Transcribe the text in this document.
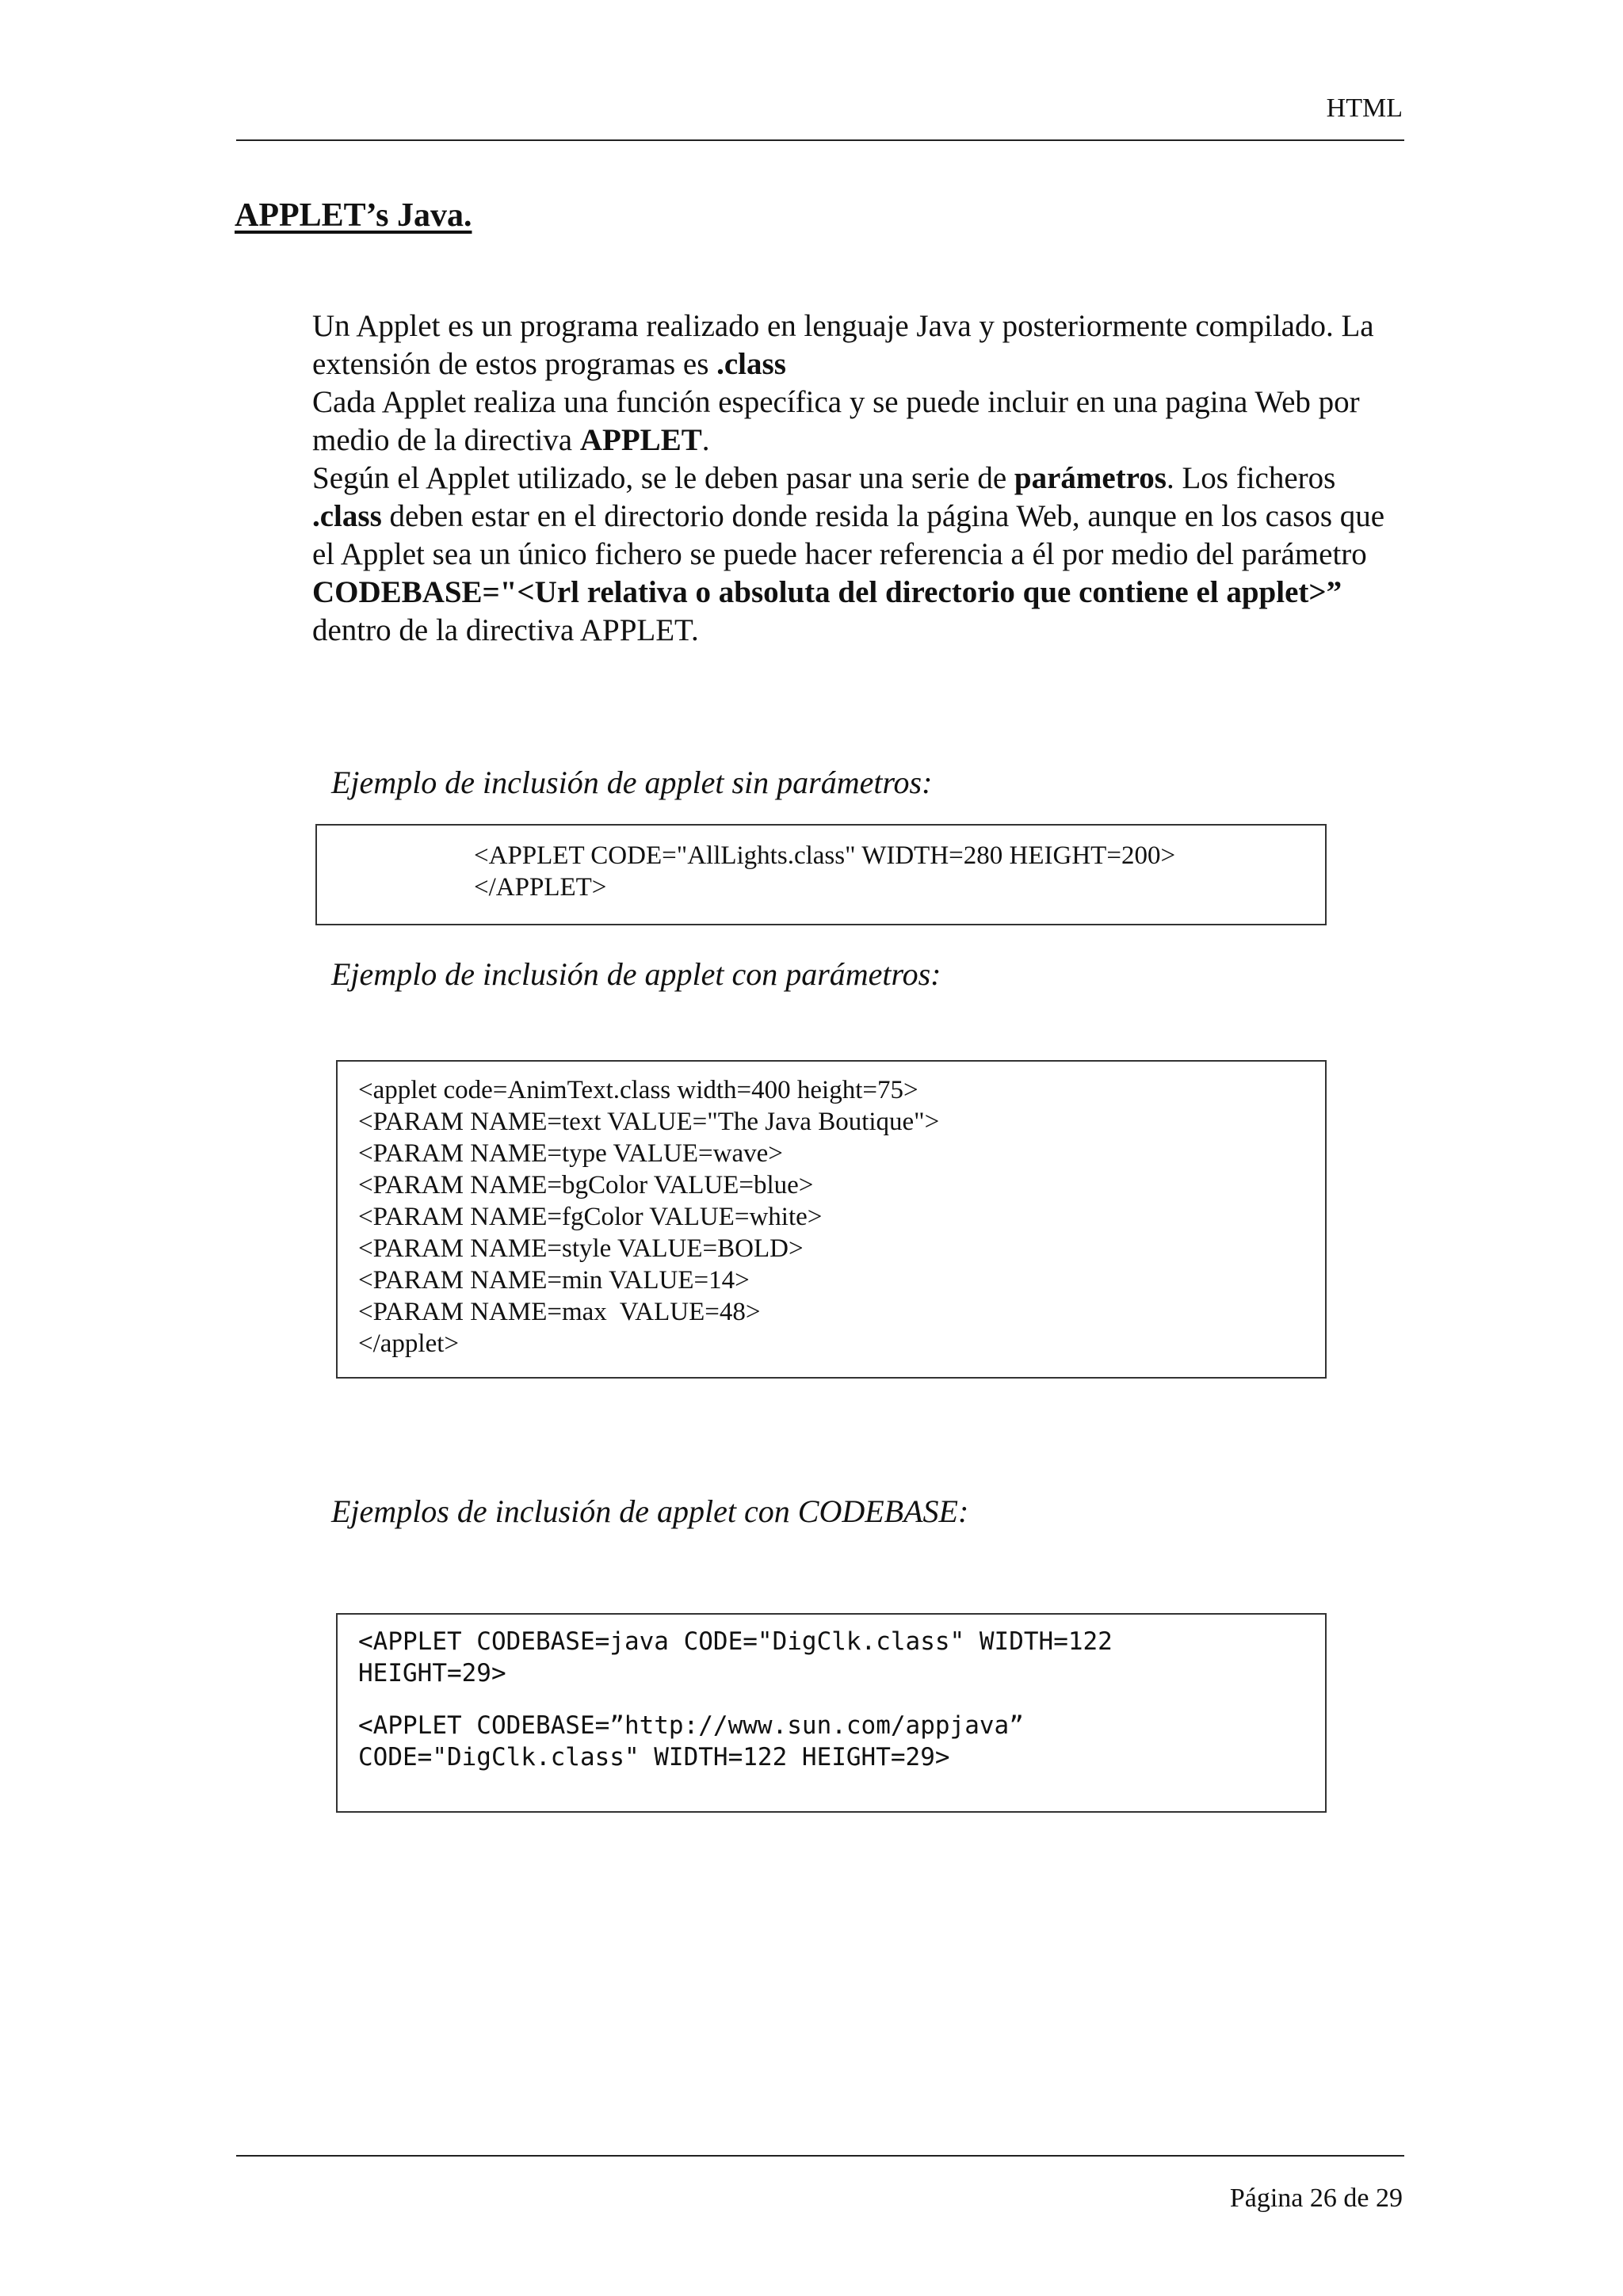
HTML
APPLET’s Java.

Un Applet es un programa realizado en lenguaje Java y posteriormente compilado. La extensión de estos programas es .class

Cada Applet realiza una función específica y se puede incluir en una pagina Web por medio de la directiva APPLET.

Según el Applet utilizado, se le deben pasar una serie de parámetros. Los ficheros .class deben estar en el directorio donde resida la página Web, aunque en los casos que el Applet sea un único fichero se puede hacer referencia a él por medio del parámetro CODEBASE="<Url relativa o absoluta del directorio que contiene el applet>” dentro de la directiva APPLET.

Ejemplo de inclusión de applet sin parámetros:

<APPLET CODE="AllLights.class" WIDTH=280 HEIGHT=200>
</APPLET>

Ejemplo de inclusión de applet con parámetros:

<applet code=AnimText.class width=400 height=75>
<PARAM NAME=text VALUE="The Java Boutique">
<PARAM NAME=type VALUE=wave>
<PARAM NAME=bgColor VALUE=blue>
<PARAM NAME=fgColor VALUE=white>
<PARAM NAME=style VALUE=BOLD>
<PARAM NAME=min VALUE=14>
<PARAM NAME=max  VALUE=48>
</applet>

Ejemplos de inclusión de applet con CODEBASE:

<APPLET CODEBASE=java CODE="DigClk.class" WIDTH=122
HEIGHT=29>
<APPLET CODEBASE=”http://www.sun.com/appjava”
CODE="DigClk.class" WIDTH=122 HEIGHT=29>
Página 26 de 29
